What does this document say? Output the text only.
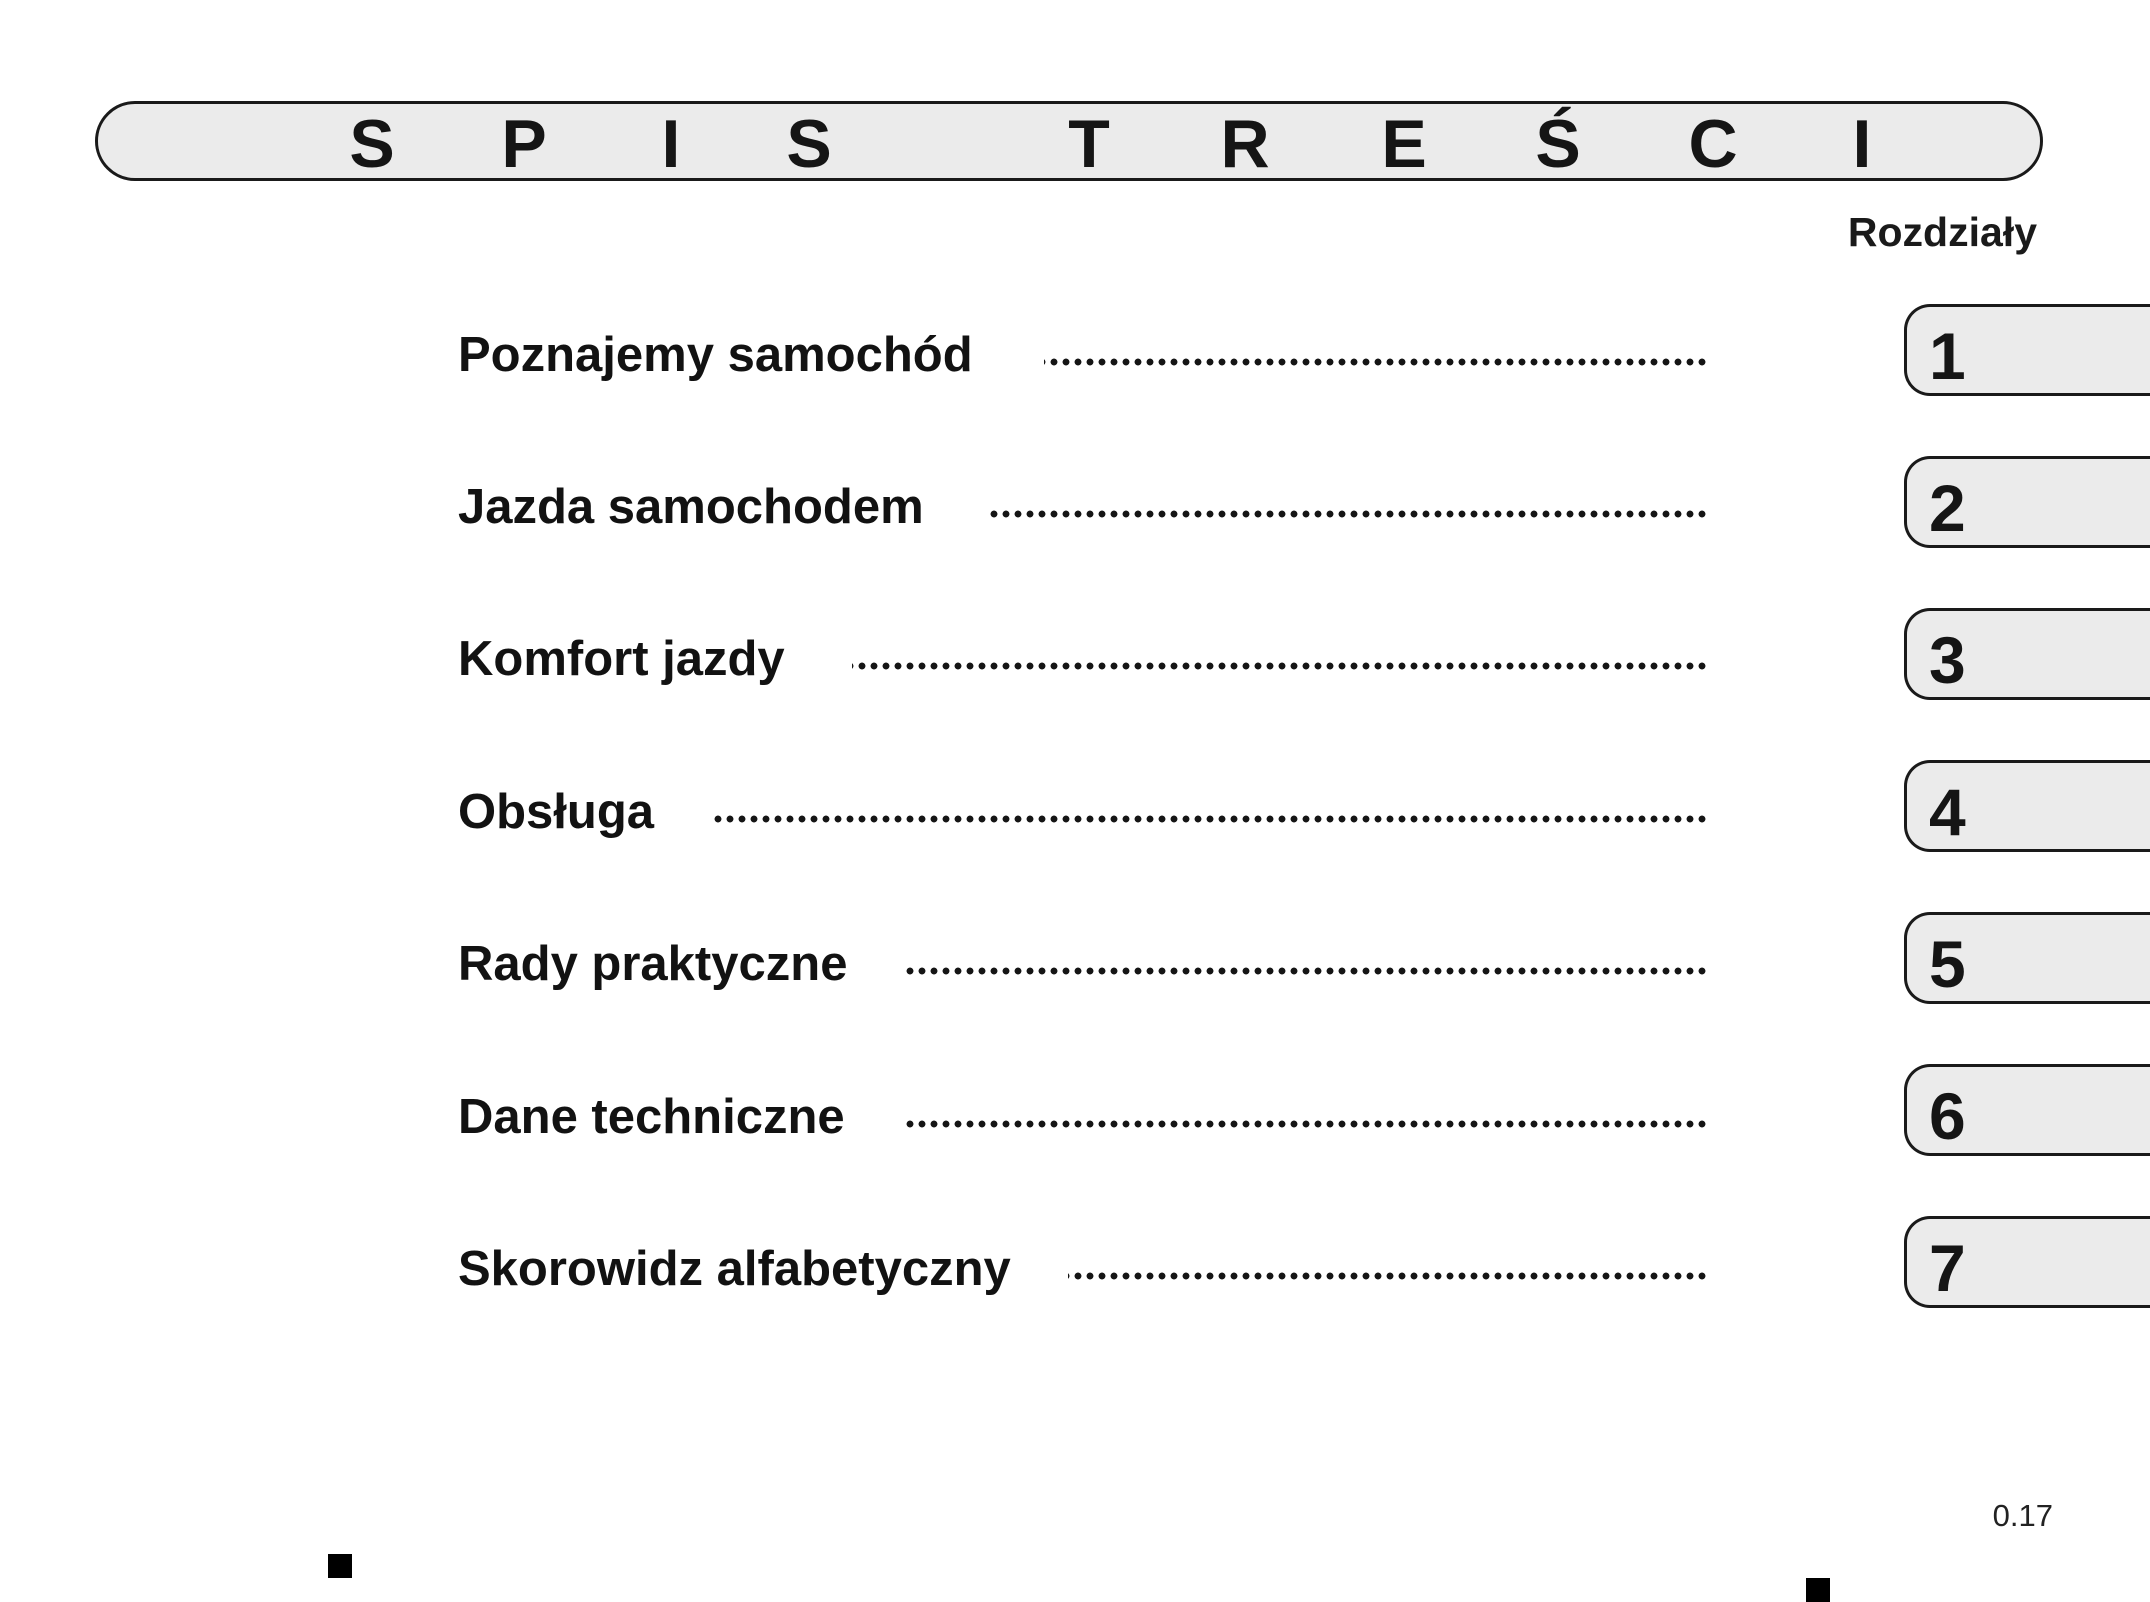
S P I S	T R E Ś C I
Rozdziały
Poznajemy samochód
Jazda samochodem
Komfort jazdy
Obsługa
Rady praktyczne
Dane techniczne
Skorowidz alfabetyczny
1
2
3
4
5
6
7
0.17
